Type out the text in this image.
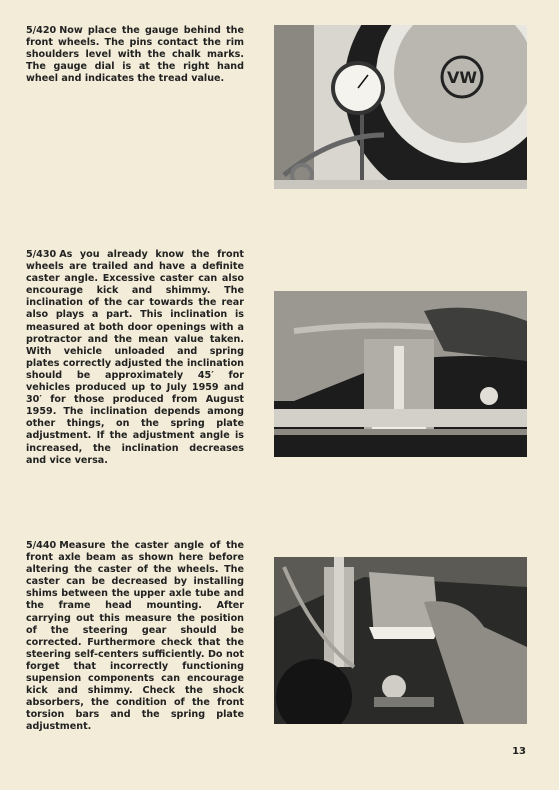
5/420 Now place the gauge behind the front wheels. The pins contact the rim shoulders level with the chalk marks. The gauge dial is at the right hand wheel and indicates the tread value.	VW
5/430 As you already know the front wheels are trailed and have a definite caster angle. Excessive caster can also encourage kick and shimmy. The inclination of the car towards the rear also plays a part. This inclination is measured at both door openings with a protractor and the mean value taken. With vehicle unloaded and spring plates correctly adjusted the inclination should be approximately 45′ for vehicles produced up to July 1959 and 30′ for those produced from August 1959. The inclination depends among other things, on the spring plate adjustment. If the adjustment angle is increased, the inclination decreases and vice versa.
5/440 Measure the caster angle of the front axle beam as shown here before altering the caster of the wheels. The caster can be decreased by installing shims between the upper axle tube and the frame head mounting. After carrying out this measure the position of the steering gear should be corrected. Furthermore check that the steering self-centers sufficiently. Do not forget that incorrectly functioning supension components can encourage kick and shimmy. Check the shock absorbers, the condition of the front torsion bars and the spring plate adjustment.
13
